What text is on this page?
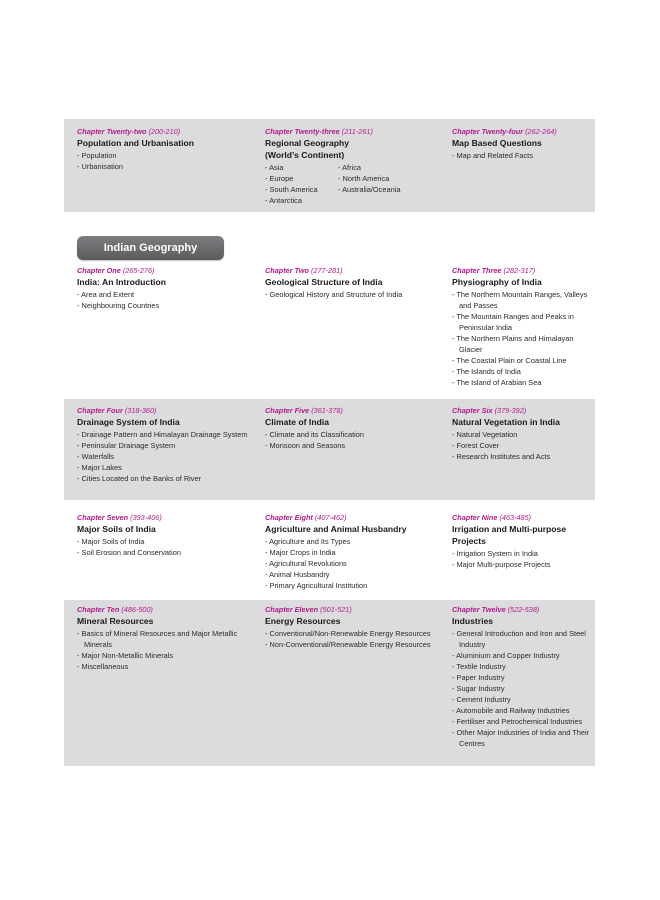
Chapter Twenty-two (200-210)
Population and Urbanisation
- Population
- Urbanisation
Chapter Twenty-three (211-261)
Regional Geography
(World’s Continent)
- Asia
- Europe
- South America
- Antarctica
- Africa
- North America
- Australia/Oceania
Chapter Twenty-four (262-264)
Map Based Questions
- Map and Related Facts
Indian Geography
Chapter One (265-276)
India: An Introduction
- Area and Extent
- Neighbouring Countries
Chapter Two (277-281)
Geological Structure of India
- Geological History and Structure of India
Chapter Three (282-317)
Physiography of India
- The Northern Mountain Ranges, Valleys and Passes
- The Mountain Ranges and Peaks in Peninsular India
- The Northern Plains and Himalayan Glacier
- The Coastal Plain or Coastal Line
- The Islands of India
- The Island of Arabian Sea
Chapter Four (318-360)
Drainage System of India
- Drainage Pattern and Himalayan Drainage System
- Peninsular Drainage System
- Waterfalls
- Major Lakes
- Cities Located on the Banks of River
Chapter Five (361-378)
Climate of India
- Climate and its Classification
- Monsoon and Seasons
Chapter Six (379-392)
Natural Vegetation in India
- Natural Vegetation
- Forest Cover
- Research Institutes and Acts
Chapter Seven (393-406)
Major Soils of India
- Major Soils of India
- Soil Erosion and Conservation
Chapter Eight (407-462)
Agriculture and Animal Husbandry
- Agriculture and Its Types
- Major Crops in India
- Agricultural Revolutions
- Animal Husbandry
- Primary Agricultural Institution
Chapter Nine (463-485)
Irrigation and Multi-purpose
Projects
- Irrigation System in India
- Major Multi-purpose Projects
Chapter Ten (486-500)
Mineral Resources
- Basics of Mineral Resources and Major Metallic Minerals
- Major Non-Metallic Minerals
- Miscellaneous
Chapter Eleven (501-521)
Energy Resources
- Conventional/Non-Renewable Energy Resources
- Non-Conventional/Renewable Energy Resources
Chapter Twelve (522-538)
Industries
- General Introduction and Iron and Steel Industry
- Aluminium and Copper Industry
- Textile Industry
- Paper Industry
- Sugar Industry
- Cement Industry
- Automobile and Railway Industries
- Fertiliser and Petrochemical Industries
- Other Major Industries of India and Their Centres
